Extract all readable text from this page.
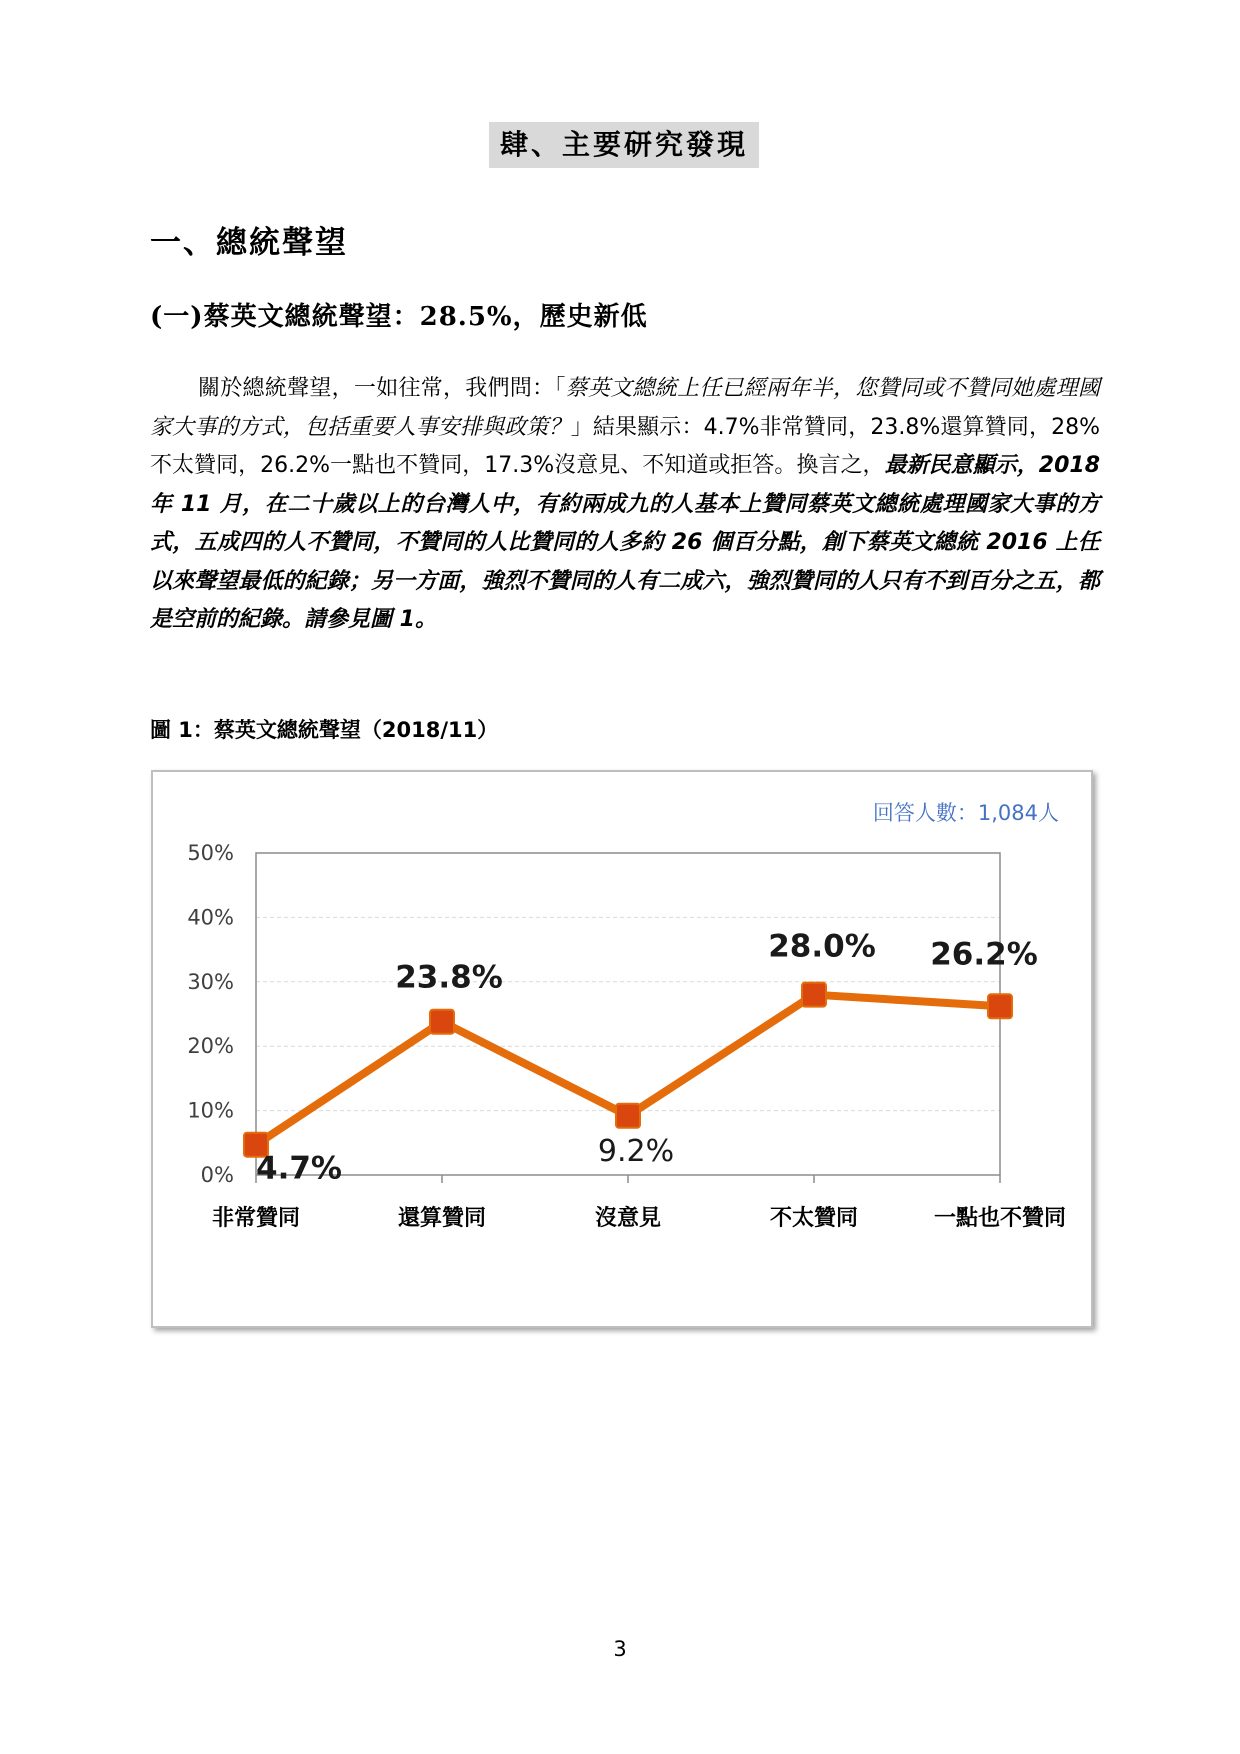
肆、主要研究發現
一、總統聲望
(一)蔡英文總統聲望：28.5%，歷史新低
關於總統聲望，一如往常，我們問：「蔡英文總統上任已經兩年半，您贊同或不贊同她處理國家大事的方式，包括重要人事安排與政策？」結果顯示：4.7%非常贊同，23.8%還算贊同，28%不太贊同，26.2%一點也不贊同，17.3%沒意見、不知道或拒答。換言之，最新民意顯示，2018 年 11 月，在二十歲以上的台灣人中，有約兩成九的人基本上贊同蔡英文總統處理國家大事的方式，五成四的人不贊同，不贊同的人比贊同的人多約 26 個百分點，創下蔡英文總統 2016 上任以來聲望最低的紀錄；另一方面，強烈不贊同的人有二成六，強烈贊同的人只有不到百分之五，都是空前的紀錄。請參見圖 1。
圖 1：蔡英文總統聲望（2018/11）
0%
10%
20%
30%
40%
50%
非常贊同	還算贊同	沒意見	不太贊同	一點也不贊同
4.7%
23.8%
9.2%
28.0% 26.2%
回答人數：1,084人
3
